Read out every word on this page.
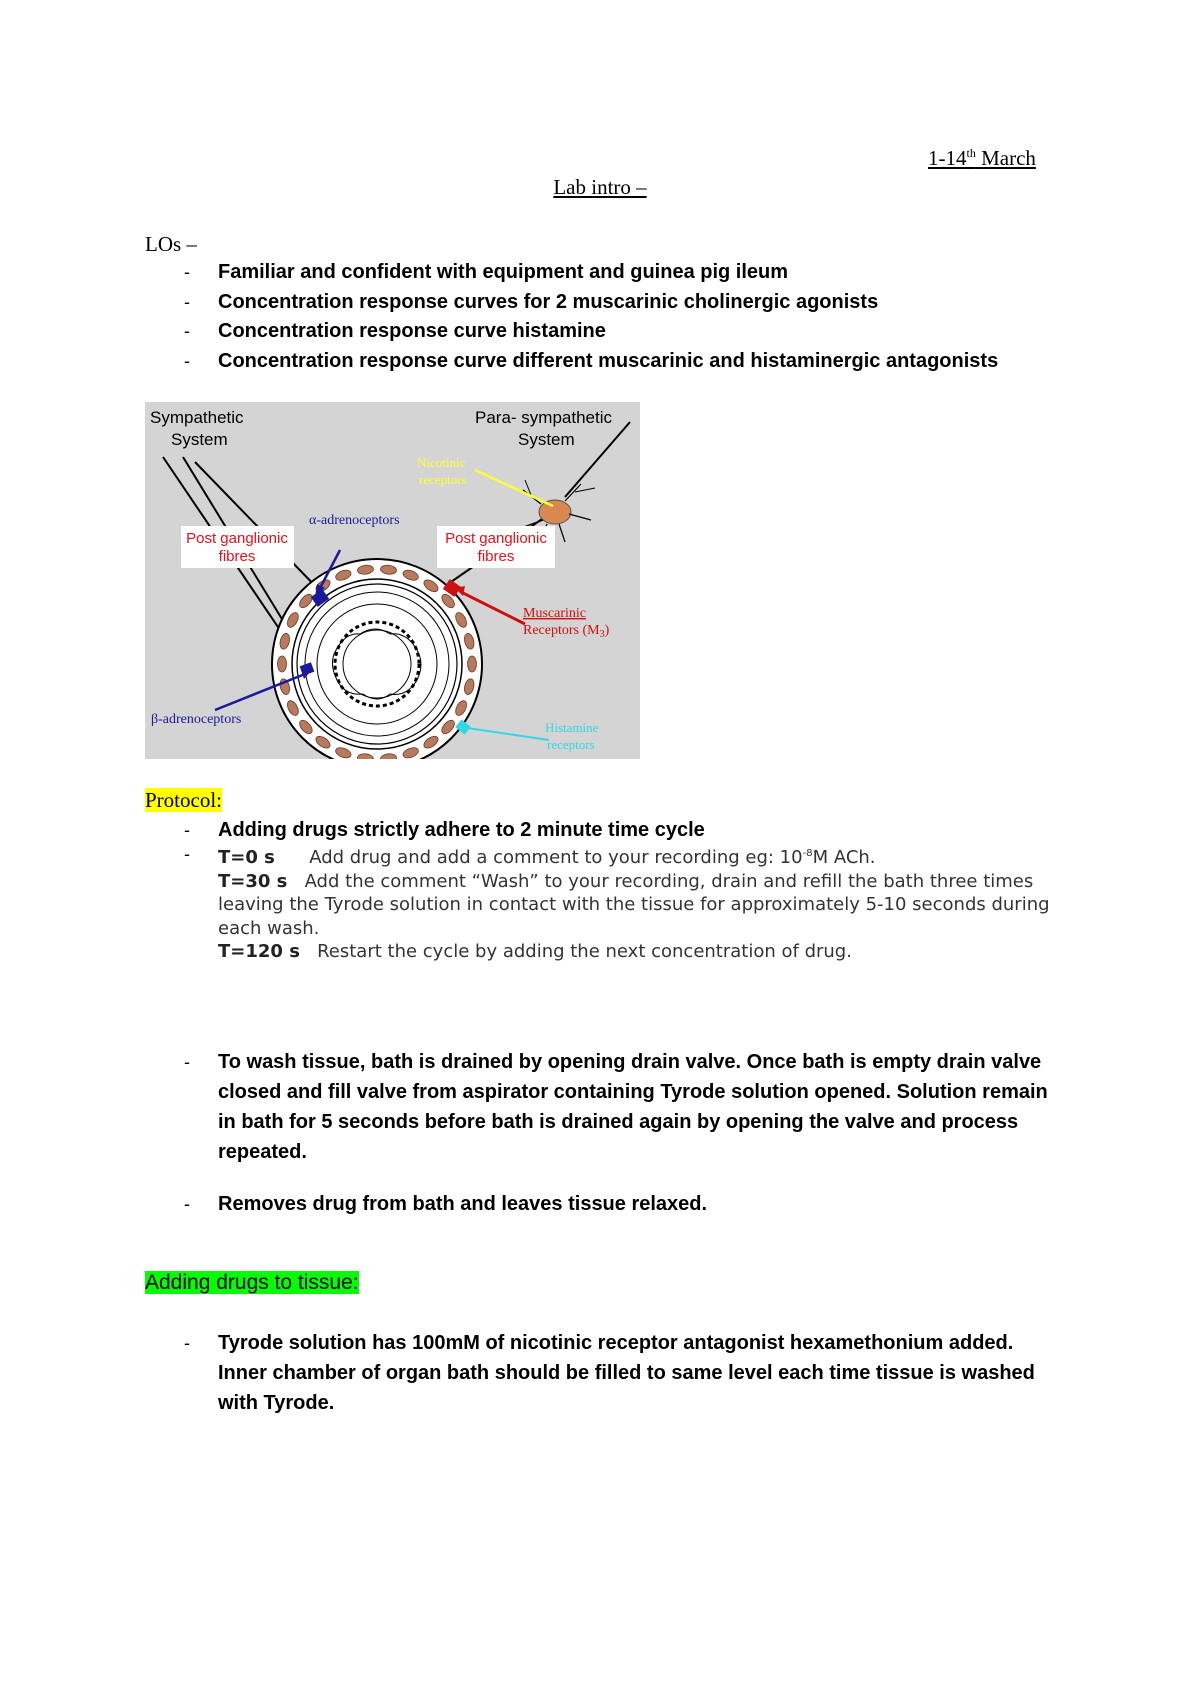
1-14th March
Lab intro –
LOs –
- Familiar and confident with equipment and guinea pig ileum
- Concentration response curves for 2 muscarinic cholinergic agonists
- Concentration response curve histamine
- Concentration response curve different muscarinic and histaminergic antagonists
Sympathetic
System
Para- sympathetic
System
Nicotinic
receptors
α-adrenoceptors
Post ganglionic
fibres
Post ganglionic
fibres
Muscarinic
Receptors $(M_3)$
β-adrenoceptors
Histamine
receptors
Protocol:
- Adding drugs strictly adhere to 2 minute time cycle
- T=0 s Add drug and add a comment to your recording eg: $10^{-8}M$ ACh.
T=30 s Add the comment “Wash” to your recording, drain and refill the bath three times leaving the Tyrode solution in contact with the tissue for approximately 5-10 seconds during each wash.
T=120 s Restart the cycle by adding the next concentration of drug.
- To wash tissue, bath is drained by opening drain valve. Once bath is empty drain valve closed and fill valve from aspirator containing Tyrode solution opened. Solution remain in bath for 5 seconds before bath is drained again by opening the valve and process repeated.
- Removes drug from bath and leaves tissue relaxed.
Adding drugs to tissue:
- Tyrode solution has 100mM of nicotinic receptor antagonist hexamethonium added. Inner chamber of organ bath should be filled to same level each time tissue is washed with Tyrode.
